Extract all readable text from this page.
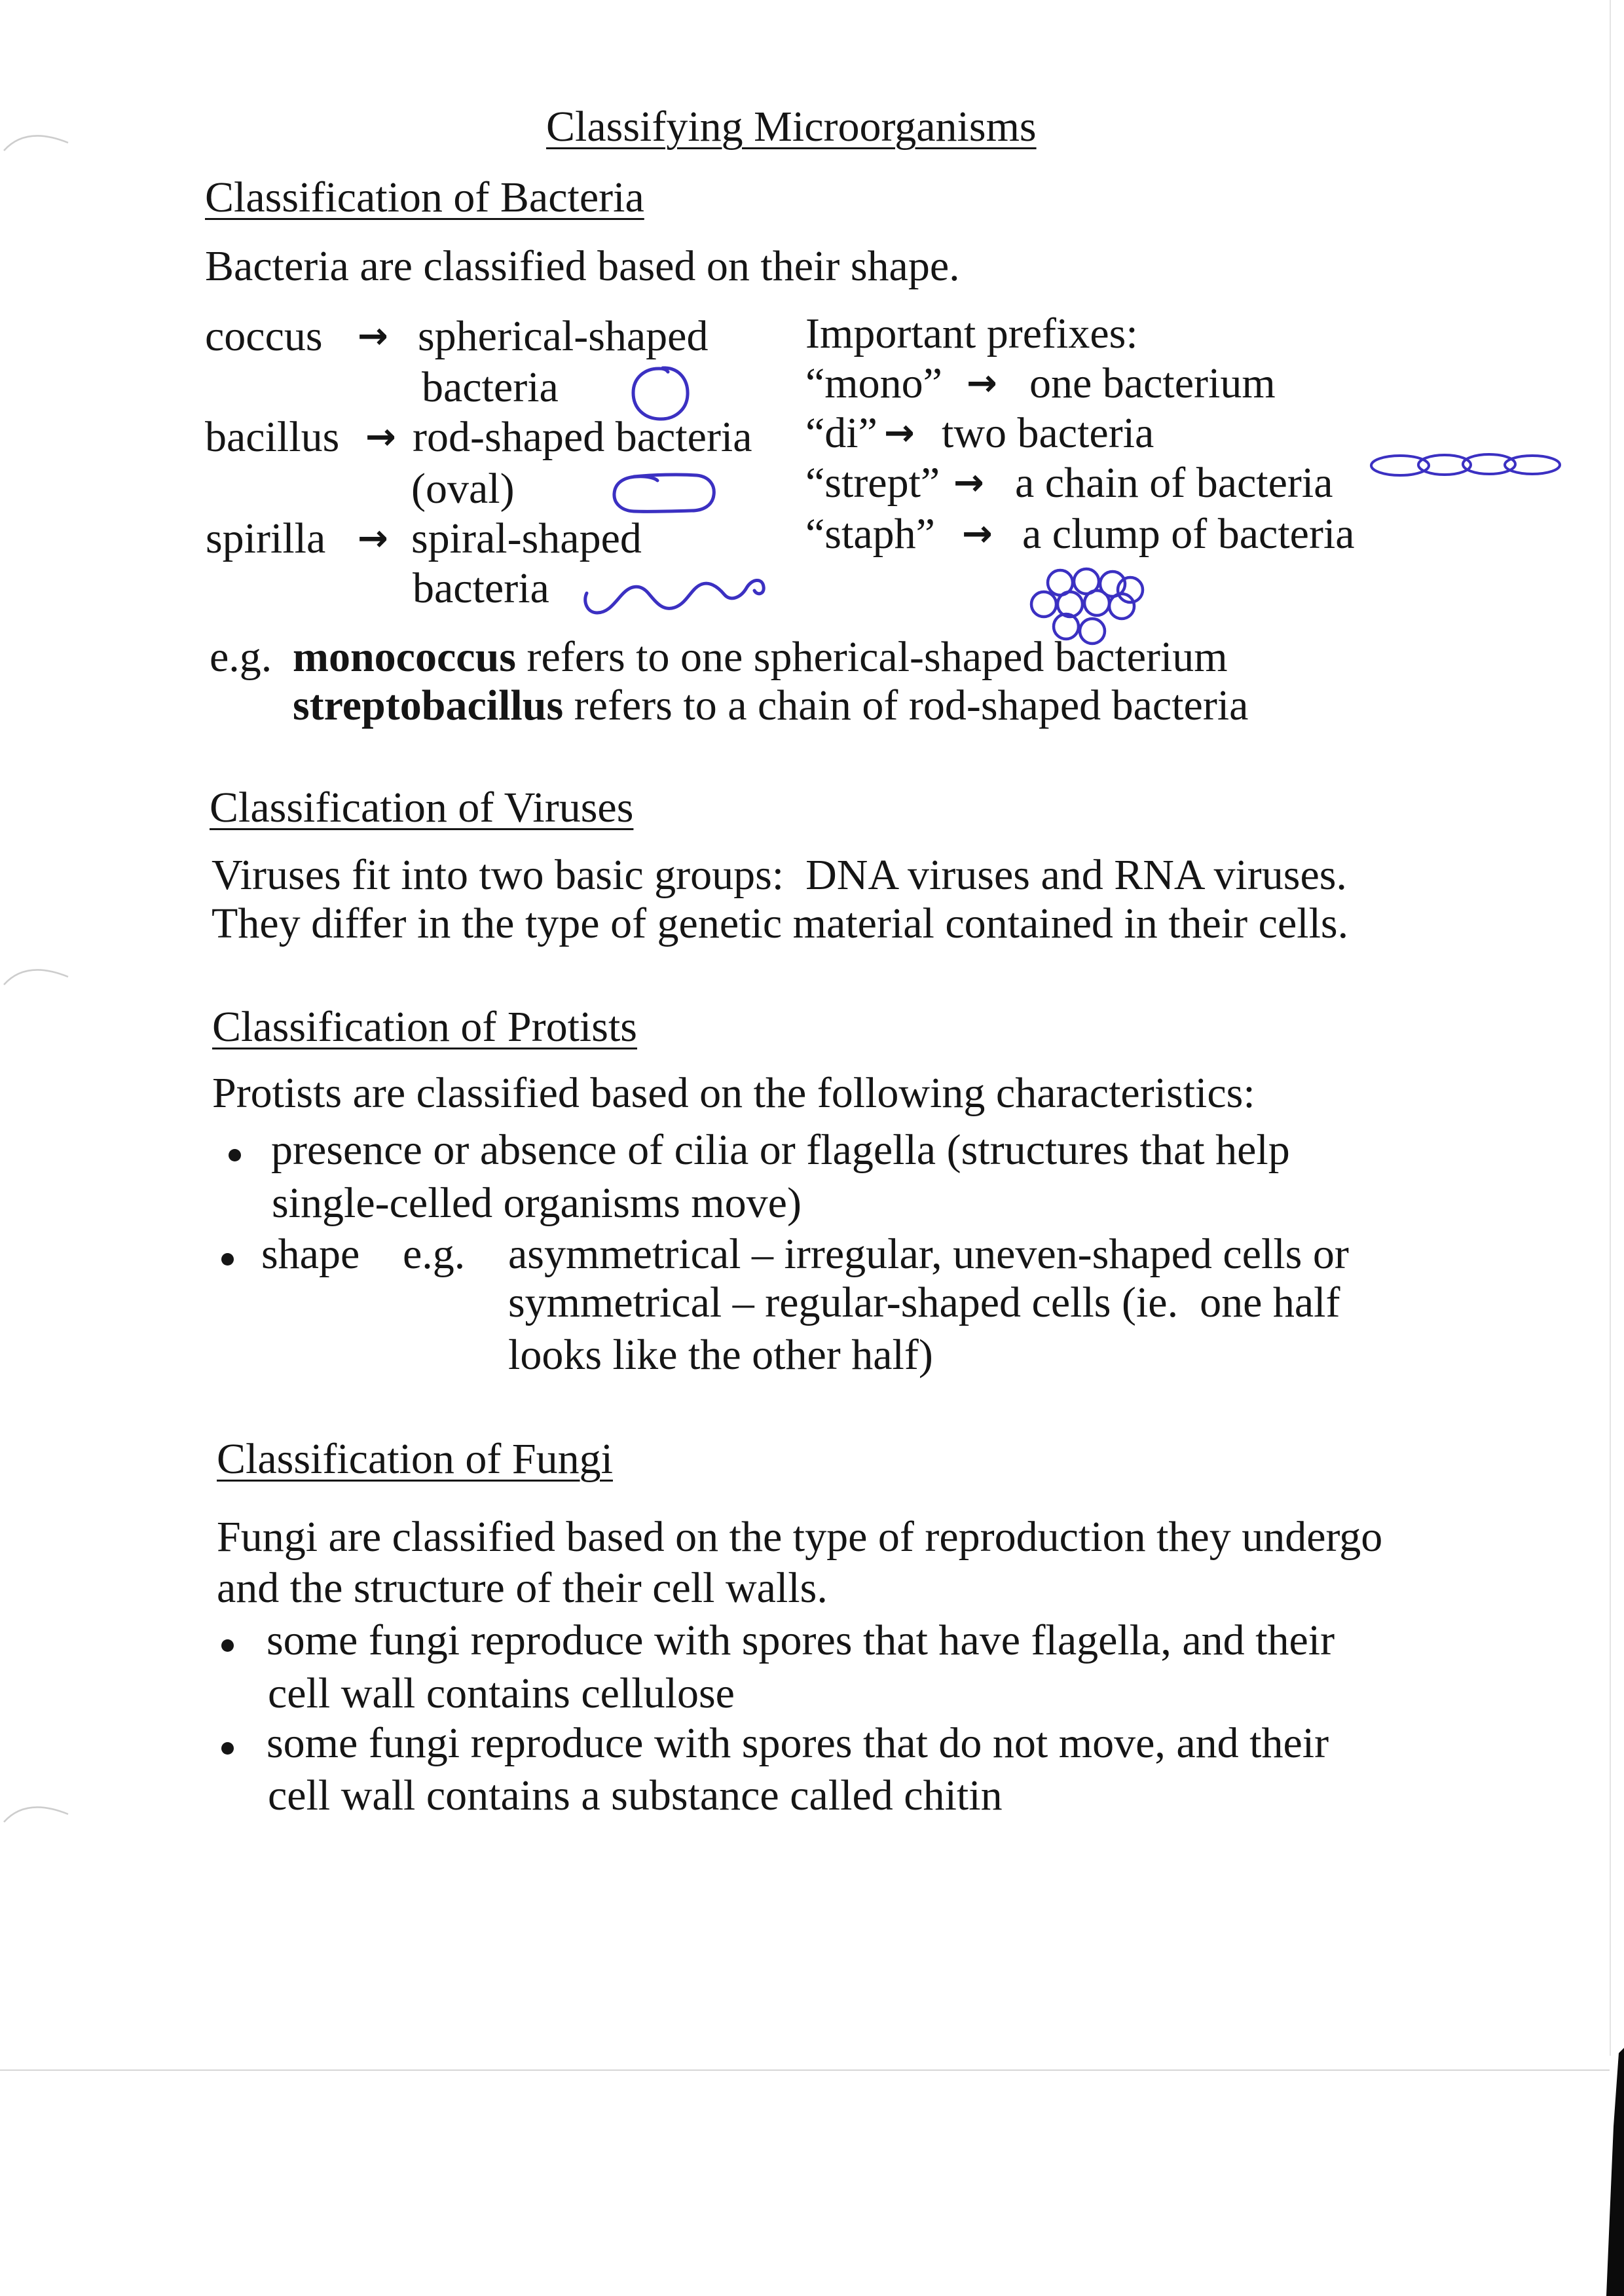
Classifying Microorganisms
Classification of Bacteria
Bacteria are classified based on their shape.
coccus → spherical-shaped
bacteria
bacillus → rod-shaped bacteria
(oval)
spirilla → spiral-shaped
bacteria
Important prefixes:
“mono” → one bacterium
“di” → two bacteria
“strept” → a chain of bacteria
“staph” → a clump of bacteria
e.g. monococcus refers to one spherical-shaped bacterium
streptobacillus refers to a chain of rod-shaped bacteria
Classification of Viruses
Viruses fit into two basic groups:  DNA viruses and RNA viruses.
They differ in the type of genetic material contained in their cells.
Classification of Protists
Protists are classified based on the following characteristics:
presence or absence of cilia or flagella (structures that help
single-celled organisms move)
shape e.g. asymmetrical – irregular, uneven-shaped cells or
symmetrical – regular-shaped cells (ie.  one half
looks like the other half)
Classification of Fungi
Fungi are classified based on the type of reproduction they undergo
and the structure of their cell walls.
some fungi reproduce with spores that have flagella, and their
cell wall contains cellulose
some fungi reproduce with spores that do not move, and their
cell wall contains a substance called chitin
